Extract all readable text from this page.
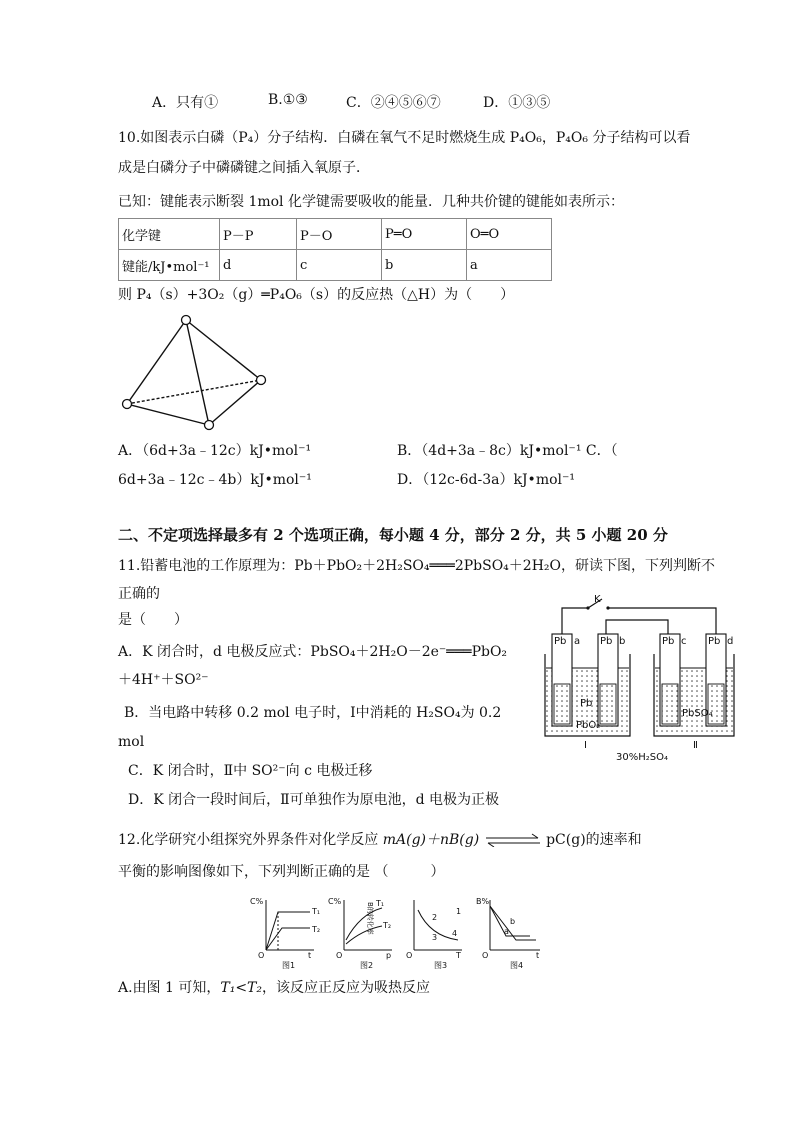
A．只有①	B.①③	C．②④⑤⑥⑦	D．①③⑤
10.如图表示白磷（P₄）分子结构．白磷在氧气不足时燃烧生成 P₄O₆，P₄O₆ 分子结构可以看
成是白磷分子中磷磷键之间插入氧原子．
已知：键能表示断裂 1mol 化学键需要吸收的能量．几种共价键的键能如表所示：
化学键	P－P	P－O	P═O	O═O
键能/kJ•mol⁻¹	d	c	b	a
则 P₄（s）+3O₂（g）═P₄O₆（s）的反应热（△H）为（　　）
A．（6d+3a﹣12c）kJ•mol⁻¹	B．（4d+3a﹣8c）kJ•mol⁻¹ C．（
6d+3a﹣12c﹣4b）kJ•mol⁻¹	D．（12c-6d-3a）kJ•mol⁻¹
二、不定项选择最多有 2 个选项正确，每小题 4 分，部分 2 分，共 5 小题 20 分
11.铅蓄电池的工作原理为：Pb＋PbO₂＋2H₂SO₄═══2PbSO₄＋2H₂O，研读下图，下列判断不
正确的
是（　　）
A．K 闭合时，d 电极反应式：PbSO₄＋2H₂O－2e⁻═══PbO₂
＋4H⁺＋SO²⁻
B．当电路中转移 0.2 mol 电子时，Ⅰ中消耗的 H₂SO₄为 0.2
mol
C．K 闭合时，Ⅱ中 SO²⁻向 c 电极迁移
D．K 闭合一段时间后，Ⅱ可单独作为原电池，d 电极为正极
K
Pb a Pb b	Pb c Pb d
Pb
PbO₂
PbSO₄
Ⅰ	Ⅱ
30%H₂SO₄
12.化学研究小组探究外界条件对化学反应 mA(g)＋nB(g)	pC(g)的速率和
平衡的影响图像如下，下列判断正确的是 （　　　）
C%
O	t
T₁
T₂
图1
C%
O	p
T₁
T₂
图2
B的转化率
O	T
1
2
3 4
图3
B%
O	t
a
b
图4
A.由图 1 可知，T₁<T₂，该反应正反应为吸热反应
